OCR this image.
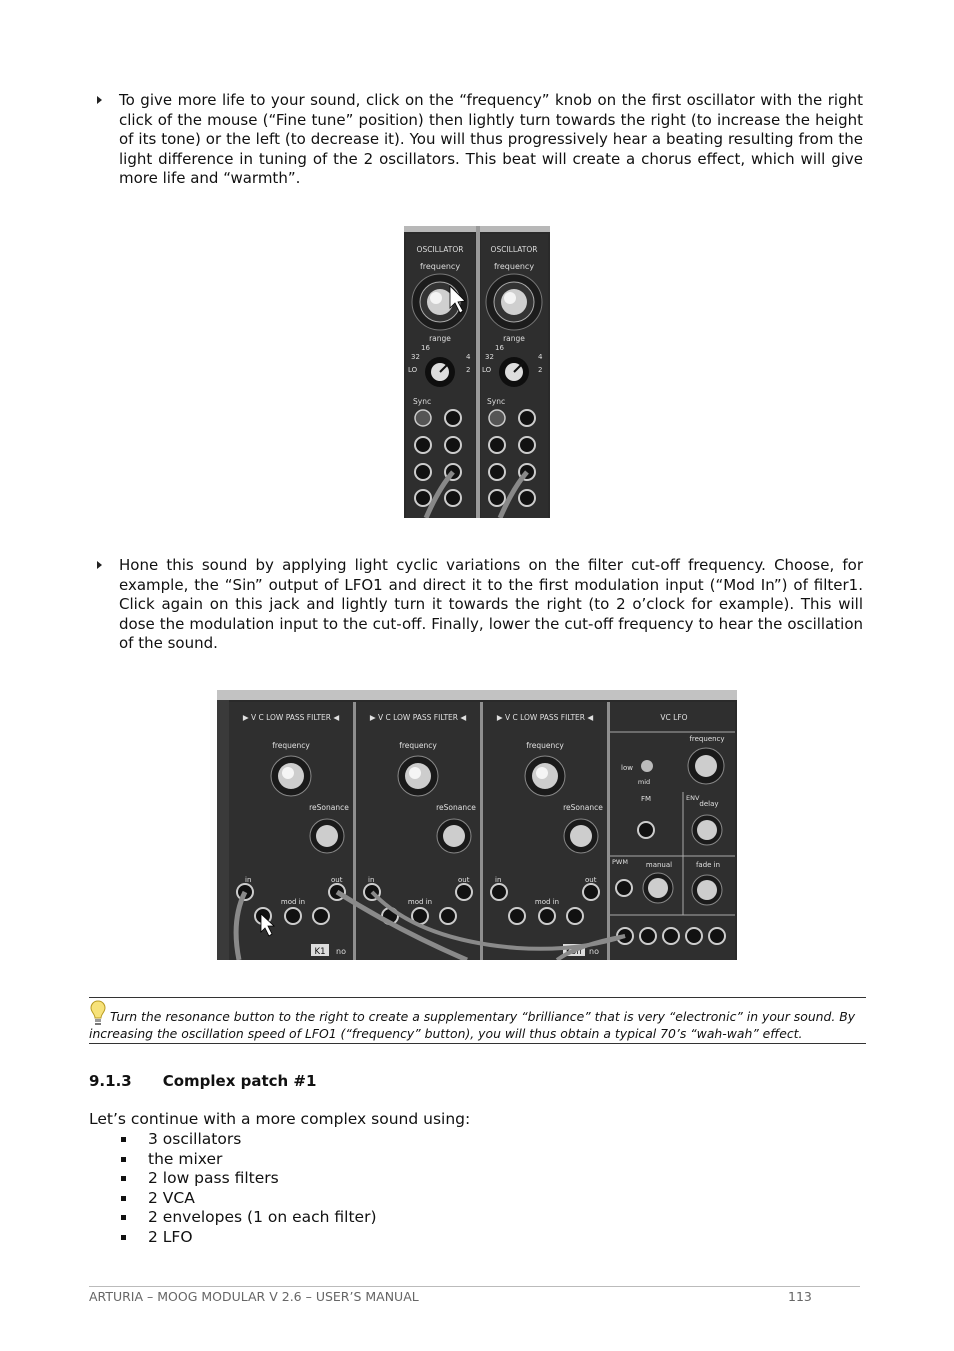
To give more life to your sound, click on the “frequency” knob on the first oscillator with the right click of the mouse (“Fine tune” position) then lightly turn towards the right (to increase the height of its tone) or the left (to decrease it). You will thus progressively hear a beating resulting from the light difference in tuning of the 2 oscillators. This beat will create a chorus effect, which will give more life and “warmth”.
OSCILLATOR
frequency
range
16
32	4
LO	2
Sync
OSCILLATOR
frequency
range
16
32	4
LO	2
Sync
Hone this sound by applying light cyclic variations on the filter cut-off frequency. Choose, for example, the “Sin” output of LFO1 and direct it to the first modulation input (“Mod In”) of filter1. Click again on this jack and lightly turn it towards the right (to 2 o’clock for example). This will dose the modulation input to the cut-off. Finally, lower the cut-off frequency to hear the oscillation of the sound.
▶ V C LOW PASS FILTER ◀
frequency
reSonance
in	out
mod in
K1 no
▶ V C LOW PASS FILTER ◀
frequency
reSonance
in	out
mod in
▶ V C LOW PASS FILTER ◀
frequency
reSonance
in	out
mod in
Koff no
VC LFO
frequency
low
mid
FM	ENV
delay
PWM	manual	fade in
Turn the resonance button to the right to create a supplementary “brilliance” that is very “electronic” in your sound. By increasing the oscillation speed of LFO1 (“frequency” button), you will thus obtain a typical 70’s “wah-wah” effect.
9.1.3 Complex patch #1
Let’s continue with a more complex sound using:
3 oscillators
the mixer
2 low pass filters
2 VCA
2 envelopes (1 on each filter)
2 LFO
ARTURIA – MOOG MODULAR V 2.6 – USER’S MANUAL	113
